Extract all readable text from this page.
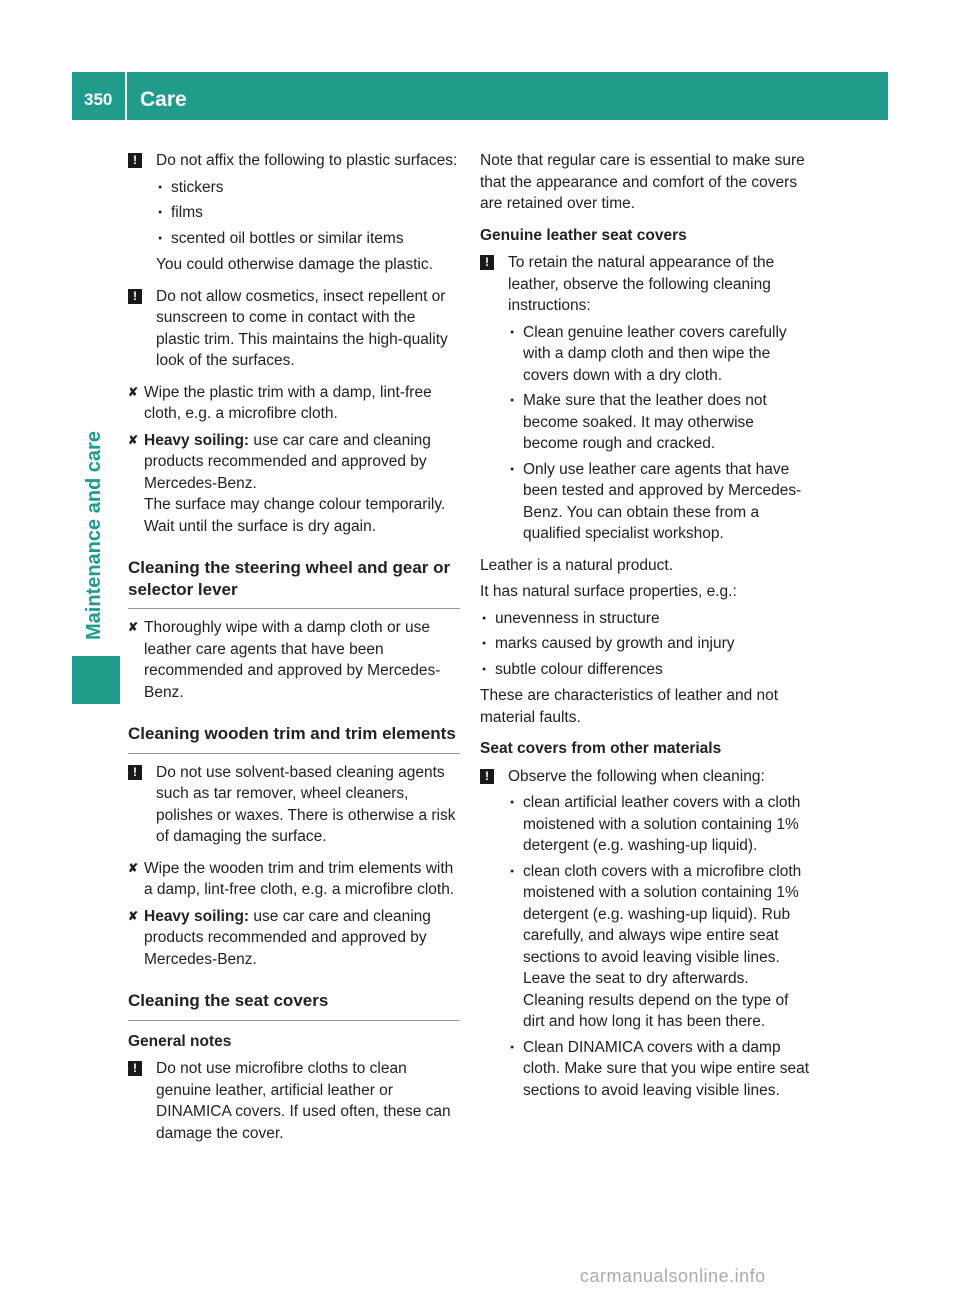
350 Care
Maintenance and care
!

Do not affix the following to plastic surfaces:

● stickers
● films
● scented oil bottles or similar items

You could otherwise damage the plastic.

!

Do not allow cosmetics, insect repellent or sunscreen to come in contact with the plastic trim. This maintains the high-quality look of the surfaces.

✘ Wipe the plastic trim with a damp, lint-free cloth, e.g. a microfibre cloth.
✘ Heavy soiling: use car care and cleaning products recommended and approved by Mercedes-Benz.
The surface may change colour temporarily. Wait until the surface is dry again.
Cleaning the steering wheel and gear or selector lever
✘ Thoroughly wipe with a damp cloth or use leather care agents that have been recommended and approved by Mercedes-Benz.
Cleaning wooden trim and trim elements
!

Do not use solvent-based cleaning agents such as tar remover, wheel cleaners, polishes or waxes. There is otherwise a risk of damaging the surface.

✘ Wipe the wooden trim and trim elements with a damp, lint-free cloth, e.g. a microfibre cloth.
✘ Heavy soiling: use car care and cleaning products recommended and approved by Mercedes-Benz.
Cleaning the seat covers
General notes
!

Do not use microfibre cloths to clean genuine leather, artificial leather or DINAMICA covers. If used often, these can damage the cover.

Note that regular care is essential to make sure that the appearance and comfort of the covers are retained over time.

Genuine leather seat covers
!

To retain the natural appearance of the leather, observe the following cleaning instructions:

● Clean genuine leather covers carefully with a damp cloth and then wipe the covers down with a dry cloth.
● Make sure that the leather does not become soaked. It may otherwise become rough and cracked.
● Only use leather care agents that have been tested and approved by Mercedes-Benz. You can obtain these from a qualified specialist workshop.

Leather is a natural product.

It has natural surface properties, e.g.:

● unevenness in structure
● marks caused by growth and injury
● subtle colour differences

These are characteristics of leather and not material faults.

Seat covers from other materials
!

Observe the following when cleaning:

● clean artificial leather covers with a cloth moistened with a solution containing 1% detergent (e.g. washing-up liquid).
● clean cloth covers with a microfibre cloth moistened with a solution containing 1% detergent (e.g. washing-up liquid). Rub carefully, and always wipe entire seat sections to avoid leaving visible lines. Leave the seat to dry afterwards. Cleaning results depend on the type of dirt and how long it has been there.
● Clean DINAMICA covers with a damp cloth. Make sure that you wipe entire seat sections to avoid leaving visible lines.
carmanualsonline.info
